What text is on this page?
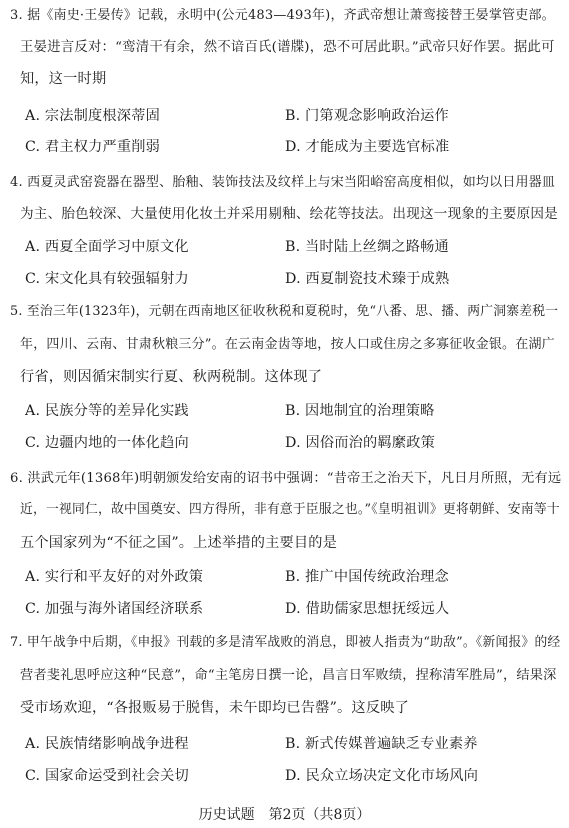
3. 据《南史·王晏传》记载，永明中(公元483—493年)，齐武帝想让萧鸾接替王晏掌管吏部。
王晏进言反对：“鸾清干有余，然不谙百氏(谱牒)，恐不可居此职。”武帝只好作罢。据此可
知，这一时期
A. 宗法制度根深蒂固	B. 门第观念影响政治运作
C. 君主权力严重削弱	D. 才能成为主要选官标准
4. 西夏灵武窑瓷器在器型、胎釉、装饰技法及纹样上与宋当阳峪窑高度相似，如均以日用器皿
为主、胎色较深、大量使用化妆土并采用剔釉、绘花等技法。出现这一现象的主要原因是
A. 西夏全面学习中原文化	B. 当时陆上丝绸之路畅通
C. 宋文化具有较强辐射力	D. 西夏制瓷技术臻于成熟
5. 至治三年(1323年)，元朝在西南地区征收秋税和夏税时，免“八番、思、播、两广洞寨差税一
年，四川、云南、甘肃秋粮三分”。在云南金齿等地，按人口或住房之多寡征收金银。在湖广
行省，则因循宋制实行夏、秋两税制。这体现了
A. 民族分等的差异化实践	B. 因地制宜的治理策略
C. 边疆内地的一体化趋向	D. 因俗而治的羁縻政策
6. 洪武元年(1368年)明朝颁发给安南的诏书中强调：“昔帝王之治天下，凡日月所照，无有远
近，一视同仁，故中国奠安、四方得所，非有意于臣服之也。”《皇明祖训》更将朝鲜、安南等十
五个国家列为“不征之国”。上述举措的主要目的是
A. 实行和平友好的对外政策	B. 推广中国传统政治理念
C. 加强与海外诸国经济联系	D. 借助儒家思想抚绥远人
7. 甲午战争中后期，《申报》刊载的多是清军战败的消息，即被人指责为“助敌”。《新闻报》的经
营者斐礼思呼应这种“民意”，命“主笔房日撰一论，昌言日军败绩，捏称清军胜局”，结果深
受市场欢迎，“各报贩易于脱售，未午即均已告罄”。这反映了
A. 民族情绪影响战争进程	B. 新式传媒普遍缺乏专业素养
C. 国家命运受到社会关切	D. 民众立场决定文化市场风向
历史试题　第2页（共8页）
